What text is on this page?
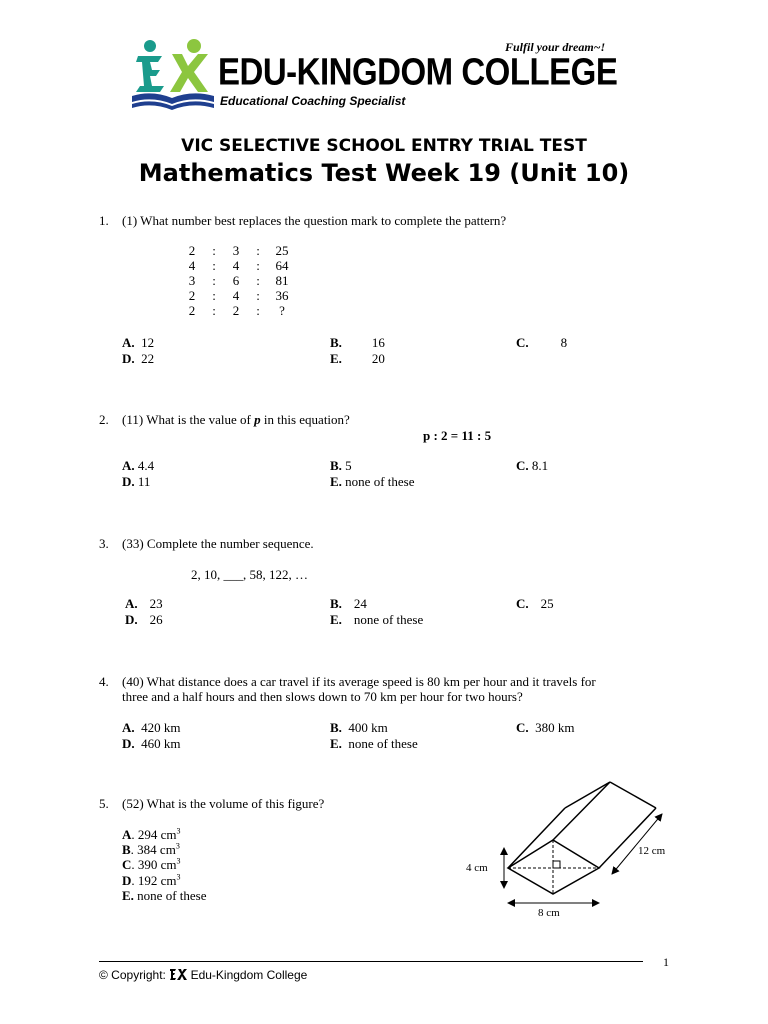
Fulfil your dream~!
EDU-KINGDOM COLLEGE
Educational Coaching Specialist
VIC SELECTIVE SCHOOL ENTRY TRIAL TEST
Mathematics Test Week 19 (Unit 10)
1. (1) What number best replaces the question mark to complete the pattern?
2 : 3 : 25
4 : 4 : 64
3 : 6 : 81
2 : 4 : 36
2 : 2 : ?
A. 12	B. 16	C. 8
D. 22	E. 20
2. (11) What is the value of p in this equation?
p : 2 = 11 : 5
A. 4.4	B. 5	C. 8.1
D. 11	E. none of these
3. (33) Complete the number sequence.
2, 10, ___, 58, 122, …
A. 23	B. 24	C. 25
D. 26	E. none of these
4. (40) What distance does a car travel if its average speed is 80 km per hour and it travels for
three and a half hours and then slows down to 70 km per hour for two hours?
A. 420 km	B. 400 km	C. 380 km
D. 460 km	E. none of these
5. (52) What is the volume of this figure?
A. 294 $cm^3$
B. 384 $cm^3$
C. 390 $cm^3$
D. 192 $cm^3$
E. none of these
4 cm
8 cm
12 cm
1
© Copyright: Edu-Kingdom College
